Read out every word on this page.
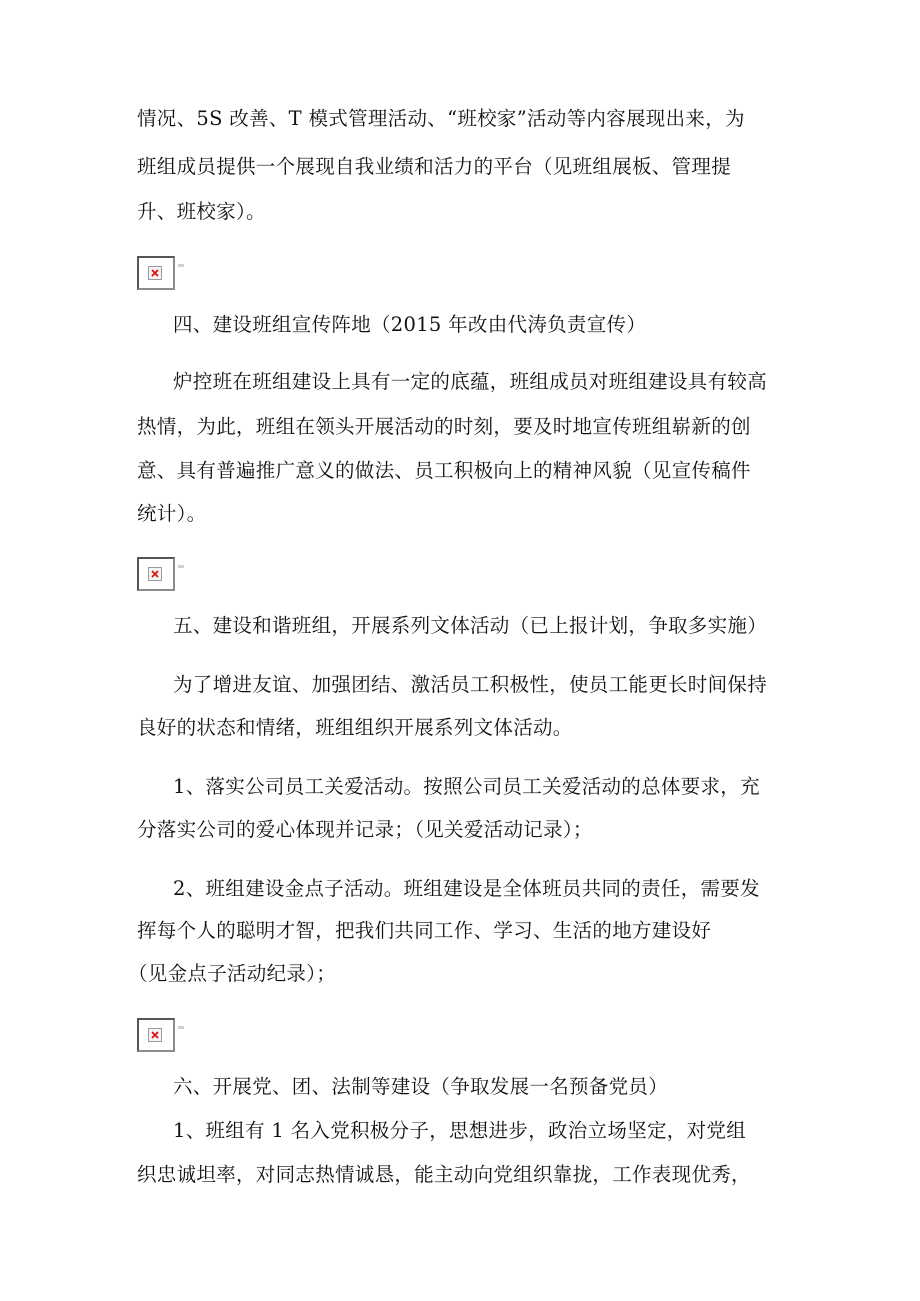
情况、5S 改善、T 模式管理活动、“班校家”活动等内容展现出来，为
班组成员提供一个展现自我业绩和活力的平台（见班组展板、管理提
升、班校家）。
四、建设班组宣传阵地（2015 年改由代涛负责宣传）
炉控班在班组建设上具有一定的底蕴，班组成员对班组建设具有较高
热情，为此，班组在领头开展活动的时刻，要及时地宣传班组崭新的创
意、具有普遍推广意义的做法、员工积极向上的精神风貌（见宣传稿件
统计）。
五、建设和谐班组，开展系列文体活动（已上报计划，争取多实施）
为了增进友谊、加强团结、激活员工积极性，使员工能更长时间保持
良好的状态和情绪，班组组织开展系列文体活动。
1、落实公司员工关爱活动。按照公司员工关爱活动的总体要求，充
分落实公司的爱心体现并记录；（见关爱活动记录）；
2、班组建设金点子活动。班组建设是全体班员共同的责任，需要发
挥每个人的聪明才智，把我们共同工作、学习、生活的地方建设好
（见金点子活动纪录）；
六、开展党、团、法制等建设（争取发展一名预备党员）
1、班组有 1 名入党积极分子，思想进步，政治立场坚定，对党组
织忠诚坦率，对同志热情诚恳，能主动向党组织靠拢，工作表现优秀，
